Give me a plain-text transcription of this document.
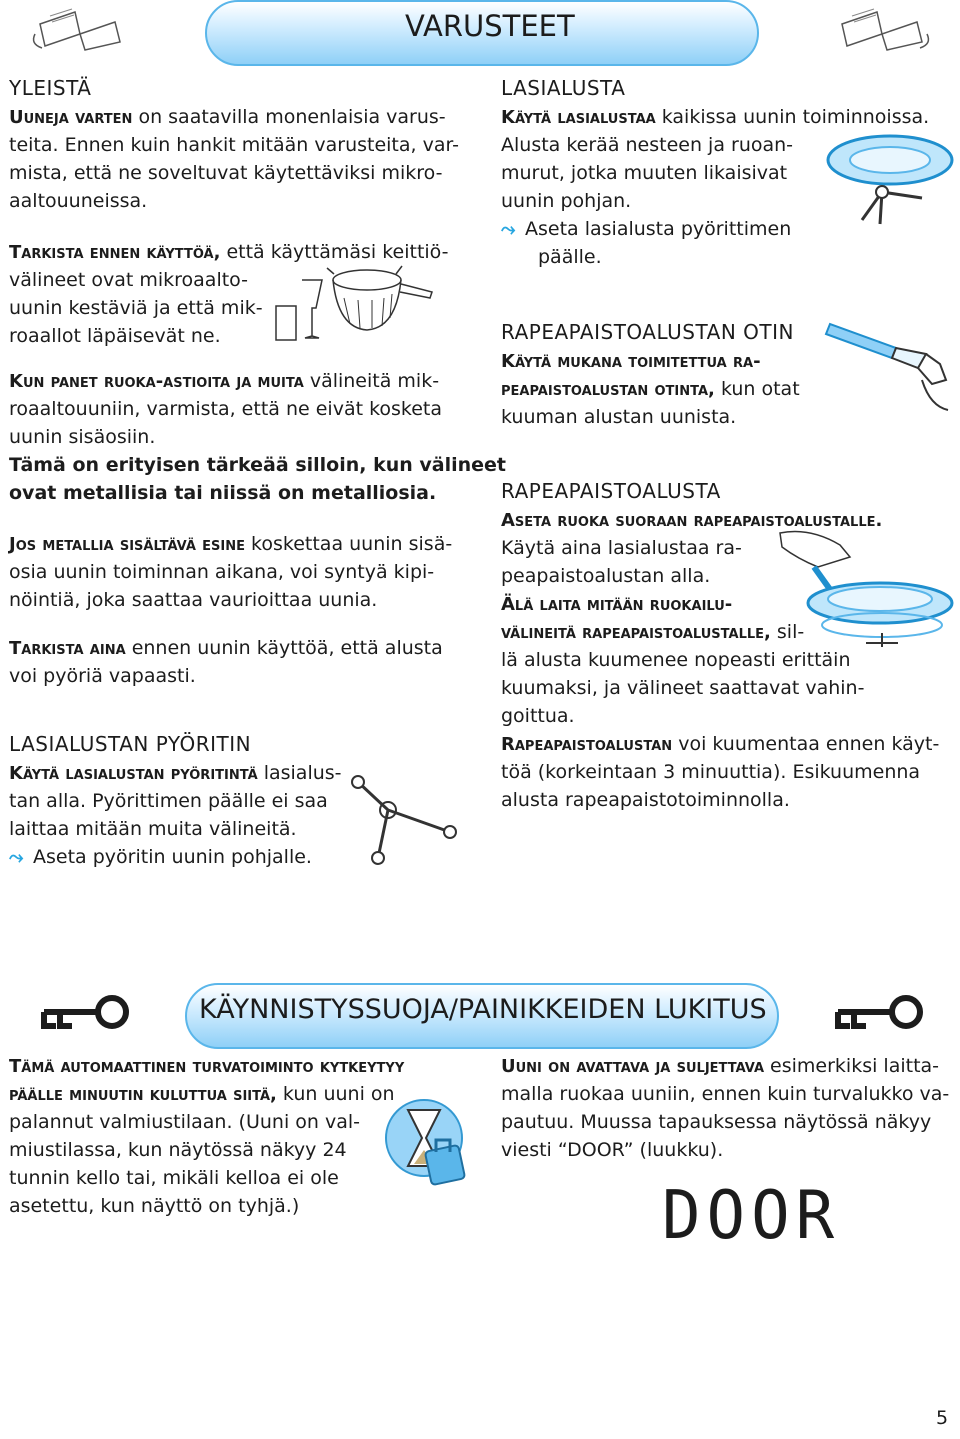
VARUSTEET
YLEISTÄ
Uuneja varten on saatavilla monenlaisia varus-
teita. Ennen kuin hankit mitään varusteita, var-
mista, että ne soveltuvat käytettäviksi mikro-
aaltouuneissa.
Tarkista ennen käyttöä, että käyttämäsi keittiö-
välineet ovat mikroaalto-
uunin kestäviä ja että mik-
roaallot läpäisevät ne.
Kun panet ruoka-astioita ja muita välineitä mik-
roaaltouuniin, varmista, että ne eivät kosketa
uunin sisäosiin.
Tämä on erityisen tärkeää silloin, kun välineet
ovat metallisia tai niissä on metalliosia.
Jos metallia sisältävä esine koskettaa uunin sisä-
osia uunin toiminnan aikana, voi syntyä kipi-
nöintiä, joka saattaa vaurioittaa uunia.
Tarkista aina ennen uunin käyttöä, että alusta
voi pyöriä vapaasti.
LASIALUSTAN PYÖRITIN
Käytä lasialustan pyöritintä lasialus-
tan alla. Pyörittimen päälle ei saa
laittaa mitään muita välineitä.
⤳ Aseta pyöritin uunin pohjalle.
LASIALUSTA
Käytä lasialustaa kaikissa uunin toiminnoissa.
Alusta kerää nesteen ja ruoan-
murut, jotka muuten likaisivat
uunin pohjan.
⤳ Aseta lasialusta pyörittimen
päälle.
RAPEAPAISTOALUSTAN OTIN
Käytä mukana toimitettua ra-
peapaistoalustan otinta, kun otat
kuuman alustan uunista.
RAPEAPAISTOALUSTA
Aseta ruoka suoraan rapeapaistoalustalle.
Käytä aina lasialustaa ra-
peapaistoalustan alla.
Älä laita mitään ruokailu-
välineitä rapeapaistoalustalle, sil-
lä alusta kuumenee nopeasti erittäin
kuumaksi, ja välineet saattavat vahin-
goittua.
Rapeapaistoalustan voi kuumentaa ennen käyt-
töä (korkeintaan 3 minuuttia). Esikuumenna
alusta rapeapaistotoiminnolla.
KÄYNNISTYSSUOJA/PAINIKKEIDEN LUKITUS
Tämä automaattinen turvatoiminto kytkeytyy
päälle minuutin kuluttua siitä, kun uuni on
palannut valmiustilaan. (Uuni on val-
miustilassa, kun näytössä näkyy 24
tunnin kello tai, mikäli kelloa ei ole
asetettu, kun näyttö on tyhjä.)
Uuni on avattava ja suljettava esimerkiksi laitta-
malla ruokaa uuniin, ennen kuin turvalukko va-
pautuu. Muussa tapauksessa näytössä näkyy
viesti “DOOR” (luukku).
DOOR
5
